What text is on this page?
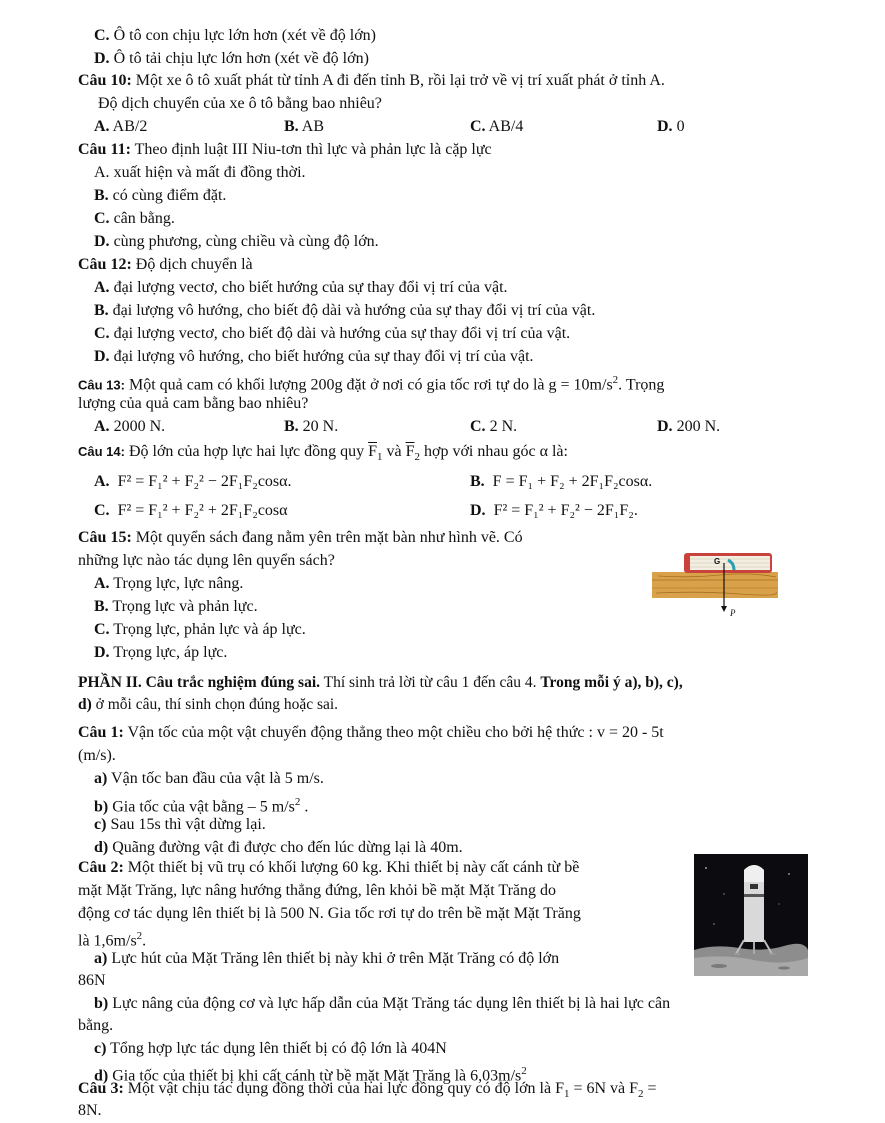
C. Ô tô con chịu lực lớn hơn (xét về độ lớn)
D. Ô tô tải chịu lực lớn hơn (xét về độ lớn)
Câu 10: Một xe ô tô xuất phát từ tỉnh A đi đến tỉnh B, rồi lại trở về vị trí xuất phát ở tỉnh A.
Độ dịch chuyển của xe ô tô bằng bao nhiêu?
A. AB/2	B. AB	C. AB/4	D. 0
Câu 11: Theo định luật III Niu-tơn thì lực và phản lực là cặp lực
A. xuất hiện và mất đi đồng thời.
B. có cùng điểm đặt.
C. cân bằng.
D. cùng phương, cùng chiều và cùng độ lớn.
Câu 12: Độ dịch chuyển là
A. đại lượng vectơ, cho biết hướng của sự thay đổi vị trí của vật.
B. đại lượng vô hướng, cho biết độ dài và hướng của sự thay đổi vị trí của vật.
C. đại lượng vectơ, cho biết độ dài và hướng của sự thay đổi vị trí của vật.
D. đại lượng vô hướng, cho biết hướng của sự thay đổi vị trí của vật.
Câu 13: Một quả cam có khối lượng 200g đặt ở nơi có gia tốc rơi tự do là $g = 10m/s^2$. Trọng
lượng của quả cam bằng bao nhiêu?
A. 2000 N.	B. 20 N.	C. 2 N.	D. 200 N.
Câu 14: Độ lớn của hợp lực hai lực đồng quy $\overline{F}_1$ và $\overline{F}_2$ hợp với nhau góc α là:
A. F² = F₁² + F₂² − 2F₁F₂cosα.	B. F = F₁ + F₂ + 2F₁F₂cosα.
C. F² = F₁² + F₂² + 2F₁F₂cosα	D. F² = F₁² + F₂² − 2F₁F₂.
Câu 15: Một quyển sách đang nằm yên trên mặt bàn như hình vẽ. Có
những lực nào tác dụng lên quyển sách?
A. Trọng lực, lực nâng.
B. Trọng lực và phản lực.
C. Trọng lực, phản lực và áp lực.
D. Trọng lực, áp lực.
G
P
PHẦN II. Câu trắc nghiệm đúng sai. Thí sinh trả lời từ câu 1 đến câu 4. Trong mỗi ý a), b), c),
d) ở mỗi câu, thí sinh chọn đúng hoặc sai.
Câu 1: Vận tốc của một vật chuyển động thẳng theo một chiều cho bởi hệ thức : v = 20 - 5t
(m/s).
a) Vận tốc ban đầu của vật là 5 m/s.
b) Gia tốc của vật bằng – 5 $m/s^2$ .
c) Sau 15s thì vật dừng lại.
d) Quãng đường vật đi được cho đến lúc dừng lại là 40m.
Câu 2: Một thiết bị vũ trụ có khối lượng 60 kg. Khi thiết bị này cất cánh từ bề
mặt Mặt Trăng, lực nâng hướng thẳng đứng, lên khỏi bề mặt Mặt Trăng do
động cơ tác dụng lên thiết bị là 500 N. Gia tốc rơi tự do trên bề mặt Mặt Trăng
là $1,6m/s^2$.
a) Lực hút của Mặt Trăng lên thiết bị này khi ở trên Mặt Trăng có độ lớn
86N
b) Lực nâng của động cơ và lực hấp dẫn của Mặt Trăng tác dụng lên thiết bị là hai lực cân
bằng.
c) Tổng hợp lực tác dụng lên thiết bị có độ lớn là 404N
d) Gia tốc của thiết bị khi cất cánh từ bề mặt Mặt Trăng là $6,03m/s^2$
Câu 3: Một vật chịu tác dụng đồng thời của hai lực đồng quy có độ lớn là $F_1 = 6N$ và $F_2$ =
8N.
